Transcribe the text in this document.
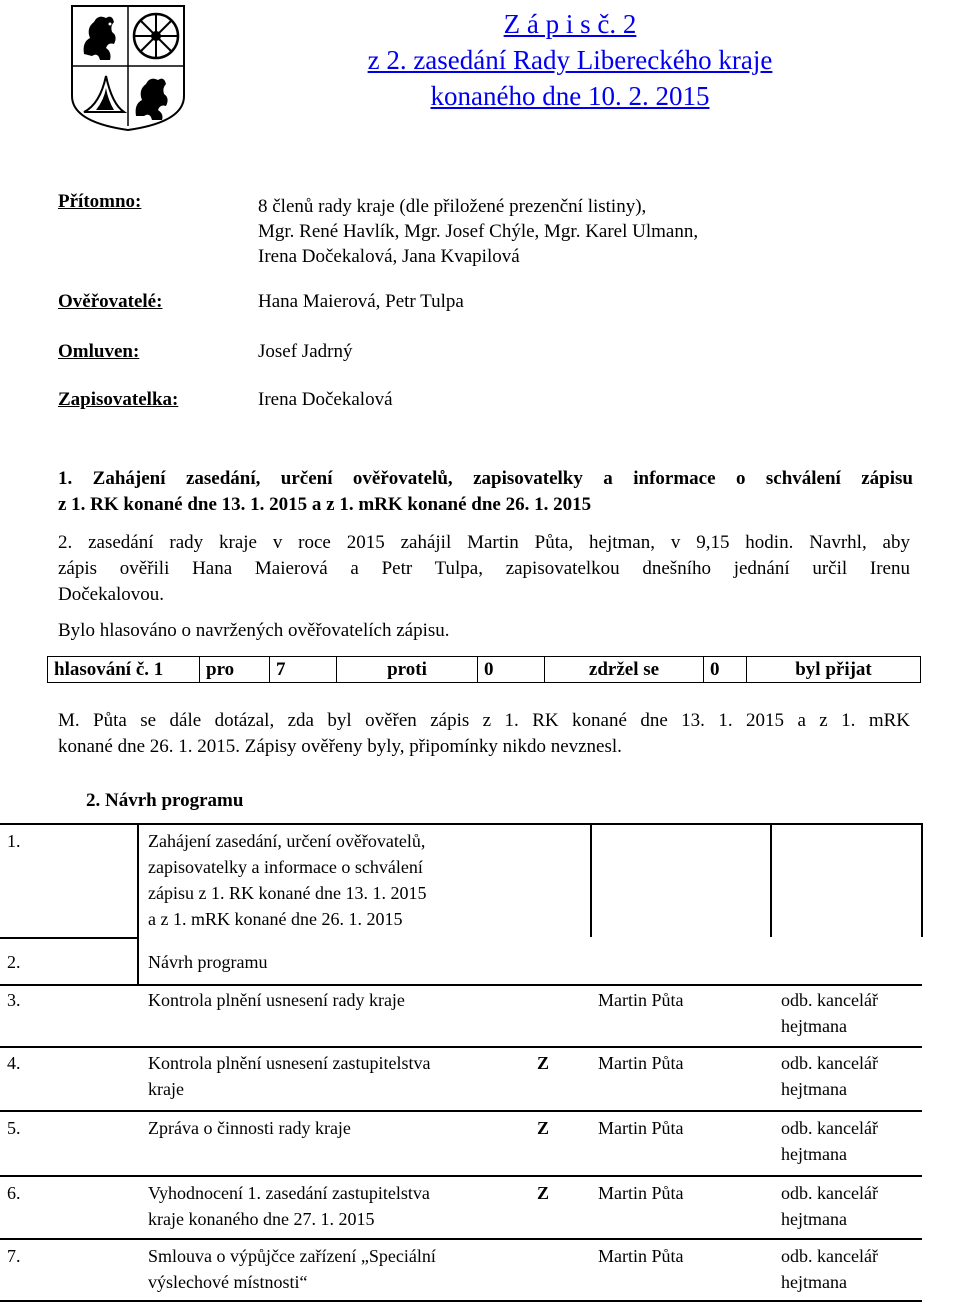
Z á p i s č. 2
z 2. zasedání Rady Libereckého kraje
konaného dne 10. 2. 2015
Přítomno:	8 členů rady kraje (dle přiložené prezenční listiny),
Mgr. René Havlík, Mgr. Josef Chýle, Mgr. Karel Ulmann,
Irena Dočekalová, Jana Kvapilová
Ověřovatelé:	Hana Maierová, Petr Tulpa
Omluven:	Josef Jadrný
Zapisovatelka:	Irena Dočekalová
1. Zahájení zasedání, určení ověřovatelů, zapisovatelky a informace o schválení zápisu
z 1. RK konané dne 13. 1. 2015 a z 1. mRK konané dne 26. 1. 2015
2. zasedání rady kraje v roce 2015 zahájil Martin Půta, hejtman, v 9,15 hodin. Navrhl, aby
zápis ověřili Hana Maierová a Petr Tulpa, zapisovatelkou dnešního jednání určil Irenu
Dočekalovou.
Bylo hlasováno o navržených ověřovatelích zápisu.
hlasování č. 1	pro	7	proti	0	zdržel se	0	byl přijat
M. Půta se dále dotázal, zda byl ověřen zápis z 1. RK konané dne 13. 1. 2015 a z 1. mRK
konané dne 26. 1. 2015. Zápisy ověřeny byly, připomínky nikdo nevznesl.
2. Návrh programu
1.	Zahájení zasedání, určení ověřovatelů,
zapisovatelky a informace o schválení
zápisu z 1. RK konané dne 13. 1. 2015
a z 1. mRK konané dne 26. 1. 2015
2.	Návrh programu
3.	Kontrola plnění usnesení rady kraje	Martin Půta	odb. kancelář
hejtmana
4.	Kontrola plnění usnesení zastupitelstva
kraje
Z	Martin Půta	odb. kancelář
hejtmana
5.	Zpráva o činnosti rady kraje	Z	Martin Půta	odb. kancelář
hejtmana
6.	Vyhodnocení 1. zasedání zastupitelstva
kraje konaného dne 27. 1. 2015
Z	Martin Půta	odb. kancelář
hejtmana
7.	Smlouva o výpůjčce zařízení „Speciální
výslechové místnosti“
Martin Půta	odb. kancelář
hejtmana
